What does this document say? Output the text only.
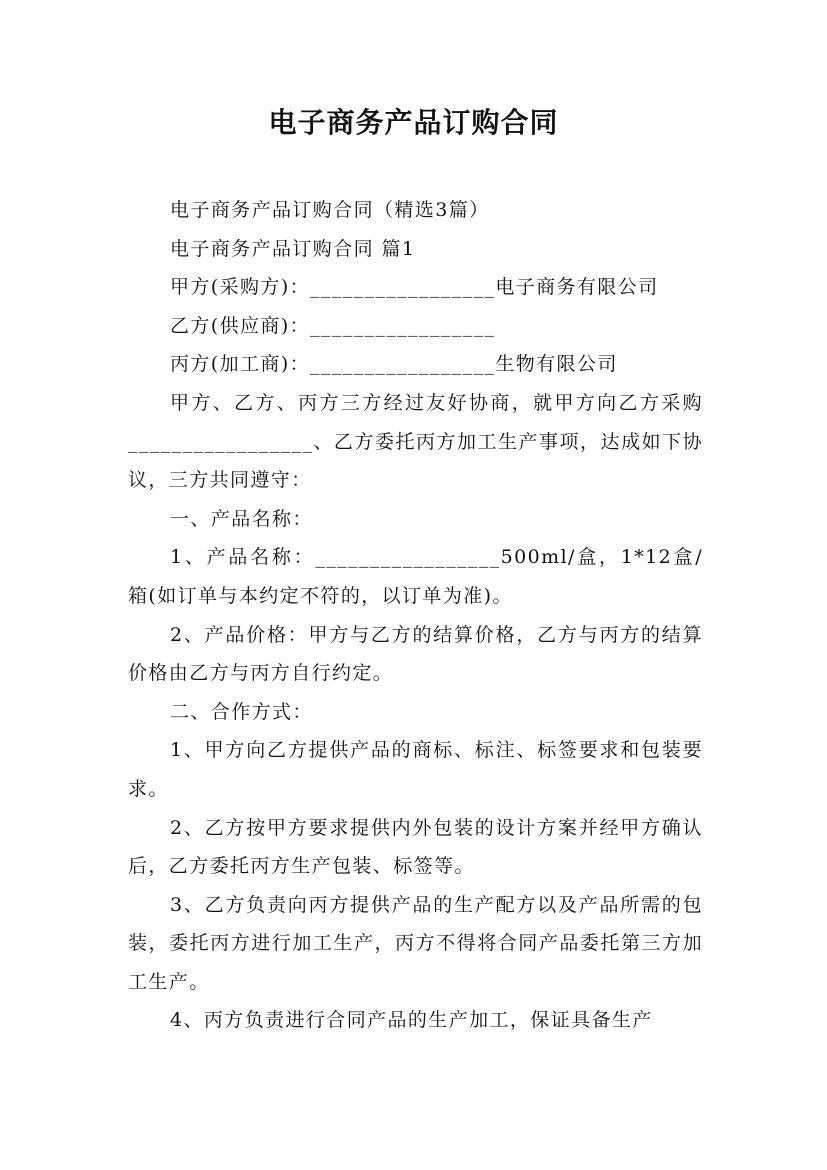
电子商务产品订购合同

电子商务产品订购合同（精选3篇）

电子商务产品订购合同 篇1

甲方(采购方)：_________________电子商务有限公司

乙方(供应商)：_________________

丙方(加工商)：_________________生物有限公司

甲方、乙方、丙方三方经过友好协商，就甲方向乙方采购_________________、乙方委托丙方加工生产事项，达成如下协议，三方共同遵守：

一、产品名称：

1、产品名称：_________________500ml/盒，1*12盒/箱(如订单与本约定不符的，以订单为准)。

2、产品价格：甲方与乙方的结算价格，乙方与丙方的结算价格由乙方与丙方自行约定。

二、合作方式：

1、甲方向乙方提供产品的商标、标注、标签要求和包装要求。

2、乙方按甲方要求提供内外包装的设计方案并经甲方确认后，乙方委托丙方生产包装、标签等。

3、乙方负责向丙方提供产品的生产配方以及产品所需的包装，委托丙方进行加工生产，丙方不得将合同产品委托第三方加工生产。

4、丙方负责进行合同产品的生产加工，保证具备生产
